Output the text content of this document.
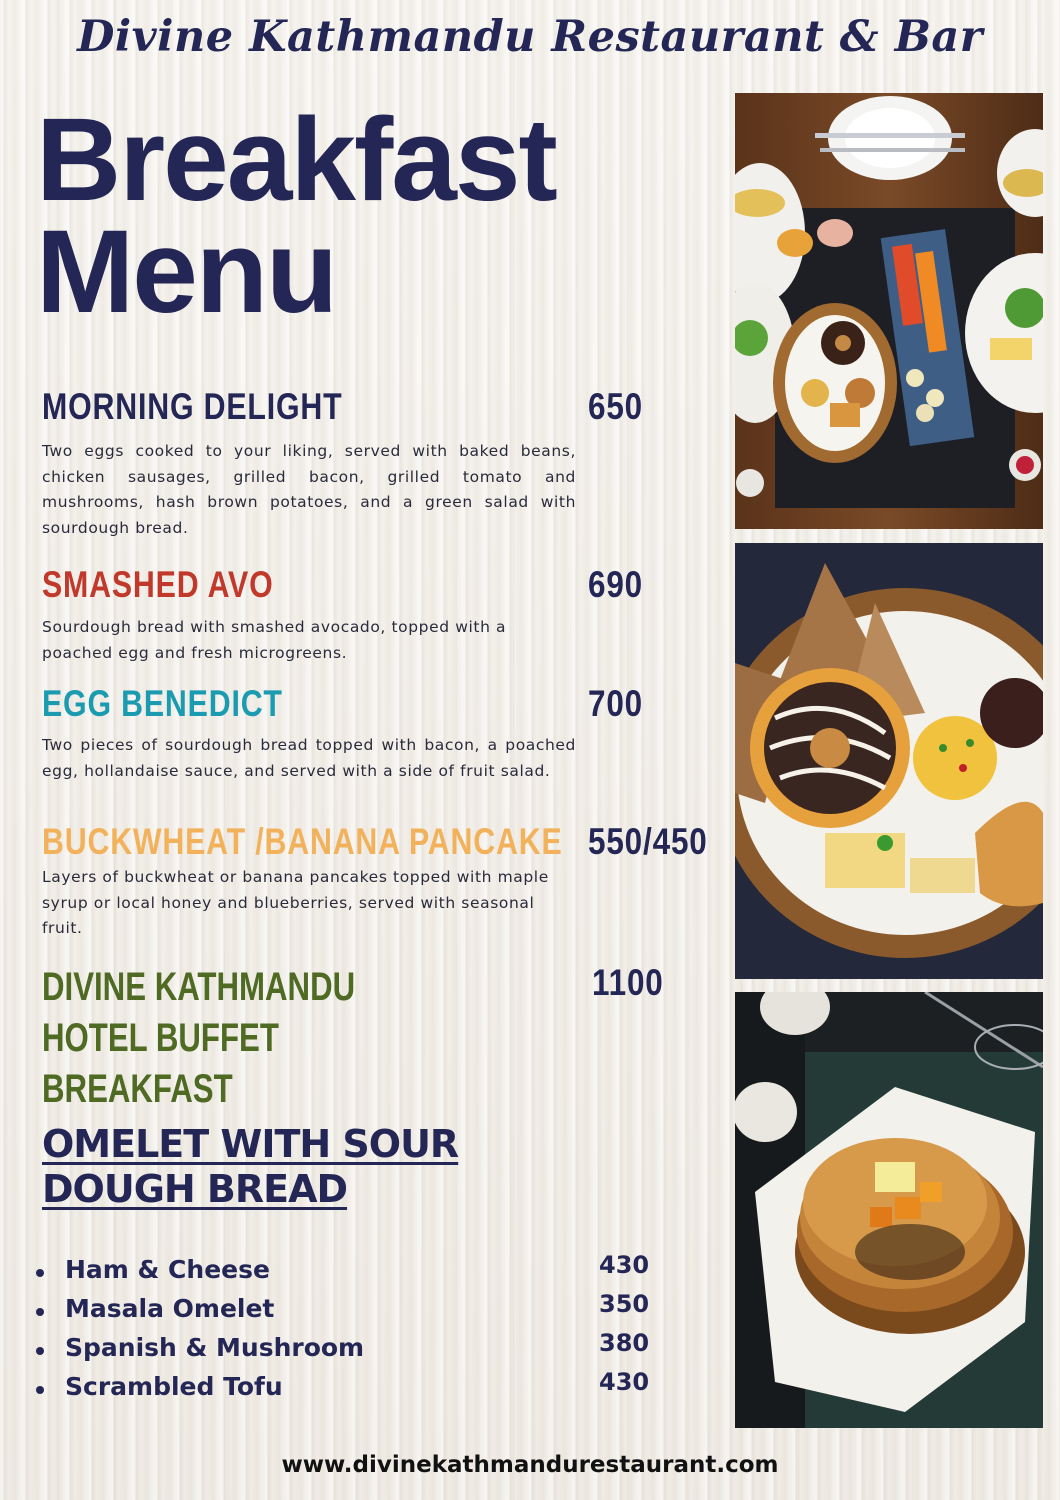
Divine Kathmandu Restaurant & Bar
Breakfast
Menu
MORNING DELIGHT	650
Two eggs cooked to your liking, served with baked beans, chicken sausages, grilled bacon, grilled tomato and mushrooms, hash brown potatoes, and a green salad with sourdough bread.
SMASHED AVO	690
Sourdough bread with smashed avocado, topped with a poached egg and fresh microgreens.
EGG BENEDICT	700
Two pieces of sourdough bread topped with bacon, a poached egg, hollandaise sauce, and served with a side of fruit salad.
BUCKWHEAT /BANANA PANCAKE 550/450
Layers of buckwheat or banana pancakes topped with maple syrup or local honey and blueberries, served with seasonal fruit.
DIVINE KATHMANDU HOTEL BUFFET BREAKFAST
1100
OMELET WITH SOUR
DOUGH BREAD
Ham & Cheese	430
Masala Omelet	350
Spanish & Mushroom	380
Scrambled Tofu	430
www.divinekathmandurestaurant.com
